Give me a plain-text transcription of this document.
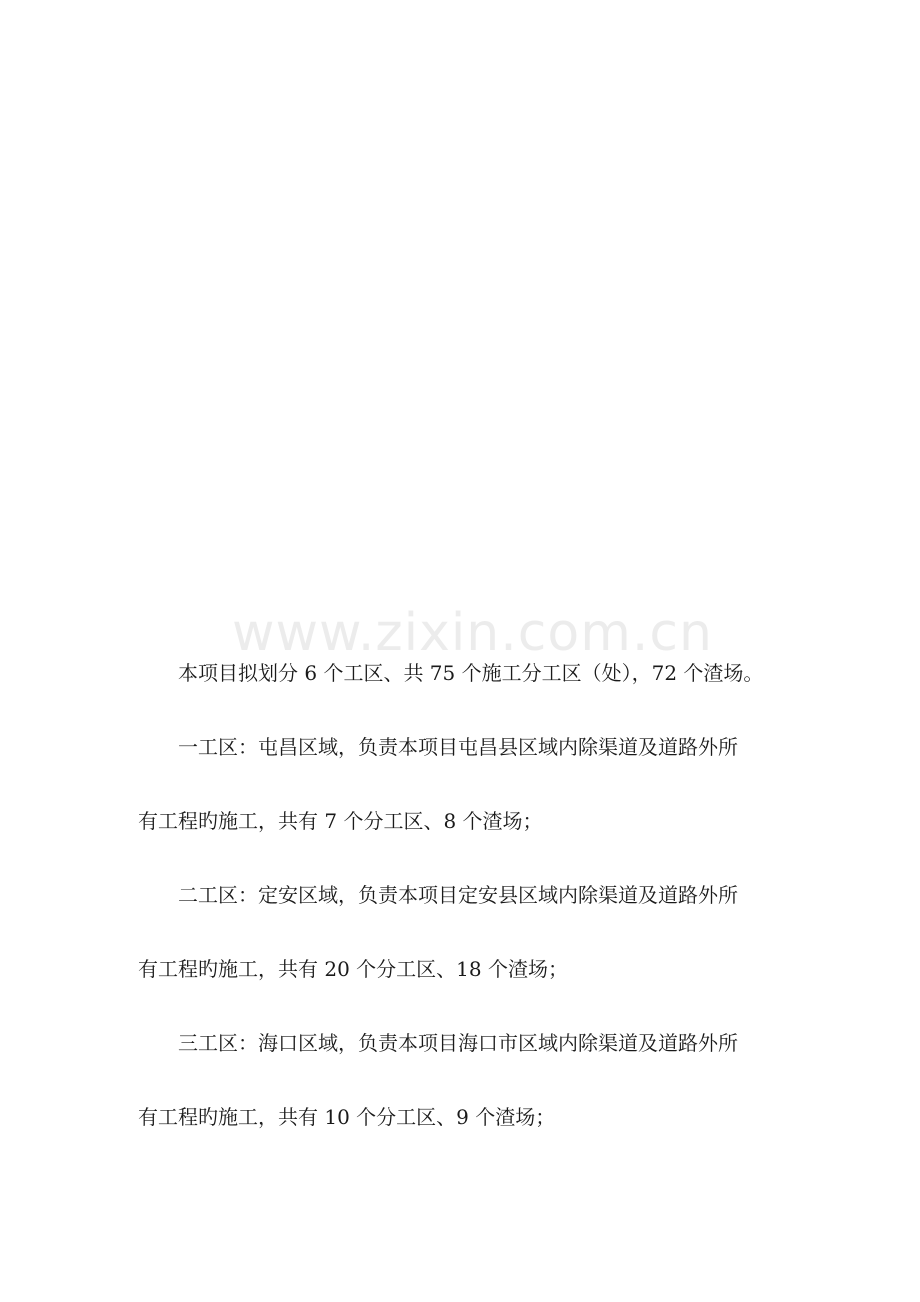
www.zixin.com.cn

本项目拟划分 6 个工区、共 75 个施工分工区（处），72 个渣场。

一工区：屯昌区域，负责本项目屯昌县区域内除渠道及道路外所

有工程旳施工，共有 7 个分工区、8 个渣场；

二工区：定安区域，负责本项目定安县区域内除渠道及道路外所

有工程旳施工，共有 20 个分工区、18 个渣场；

三工区：海口区域，负责本项目海口市区域内除渠道及道路外所

有工程旳施工，共有 10 个分工区、9 个渣场；
